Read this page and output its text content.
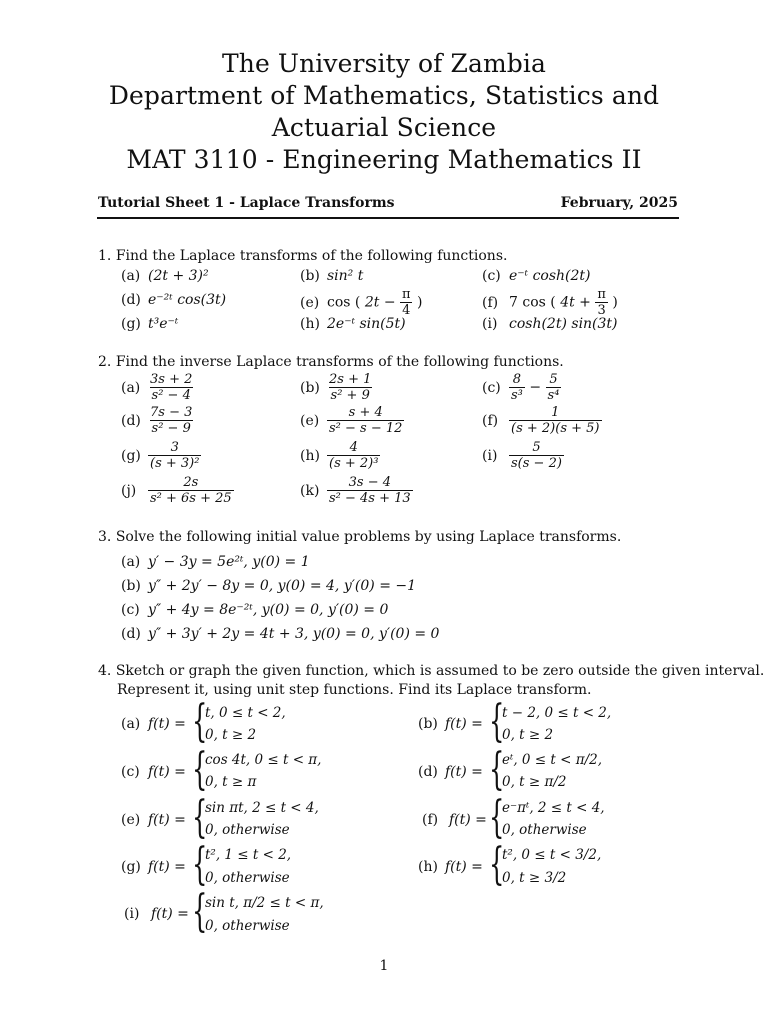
The University of Zambia
Department of Mathematics, Statistics and
Actuarial Science
MAT 3110 - Engineering Mathematics II
Tutorial Sheet 1 - Laplace Transforms	February, 2025
1. Find the Laplace transforms of the following functions.
(a) (2t + 3)²	(b) sin² t	(c) e⁻ᵗ cosh(2t)
(d) e⁻²ᵗ cos(3t)	(e) cos ( $2t - \frac{\pi}{4}$ )	(f) 7 cos ( $4t + \frac{\pi}{3}$ )
(g) t³e⁻ᵗ	(h) 2e⁻ᵗ sin(5t)	(i) cosh(2t) sin(3t)
2. Find the inverse Laplace transforms of the following functions.
$(a) \frac{3s + 2}{\text{s² − 4}}$	$(b) \frac{2s + 1}{\text{s² + 9}}$	$(c) \frac{8}{\text{s³}} - \frac{5}{\text{s⁴}}$
$(d) \frac{7s - 3}{\text{s² − 9}}$	$(e) \frac{s + 4}{\text{s² − s − 12}}$	$(f) \frac{1}{(s + 2)(s + 5)}$
$(g) \frac{3}{\text{(s + 3)²}}$	$(h) \frac{4}{\text{(s + 2)³}}$	$(i) \frac{5}{s(s - 2)}$
$(j) \frac{2s}{\text{s² + 6s + 25}}$	$(k) \frac{3s - 4}{\text{s² − 4s + 13}}$
3. Solve the following initial value problems by using Laplace transforms.
(a) y′ − 3y = 5e²ᵗ, y(0) = 1
(b) y″ + 2y′ − 8y = 0, y(0) = 4, y′(0) = −1
(c) y″ + 4y = 8e⁻²ᵗ, y(0) = 0, y′(0) = 0
(d) y″ + 3y′ + 2y = 4t + 3, y(0) = 0, y′(0) = 0
4. Sketch or graph the given function, which is assumed to be zero outside the given interval.
Represent it, using unit step functions. Find its Laplace transform.
(a) f(t) = {
t, 0 ≤ t < 2,
0, t ≥ 2
(b) f(t) = {
t − 2, 0 ≤ t < 2,
0, t ≥ 2
(c) f(t) = {
cos 4t, 0 ≤ t < π,
0, t ≥ π
(d) f(t) = {
eᵗ, 0 ≤ t < π/2,
0, t ≥ π/2
(e) f(t) = {
sin πt, 2 ≤ t < 4,
0, otherwise
(f) f(t) = {
e⁻πᵗ, 2 ≤ t < 4,
0, otherwise
(g) f(t) = {
t², 1 ≤ t < 2,
0, otherwise
(h) f(t) = {
t², 0 ≤ t < 3/2,
0, t ≥ 3/2
(i) f(t) = {
sin t, π/2 ≤ t < π,
0, otherwise
1
